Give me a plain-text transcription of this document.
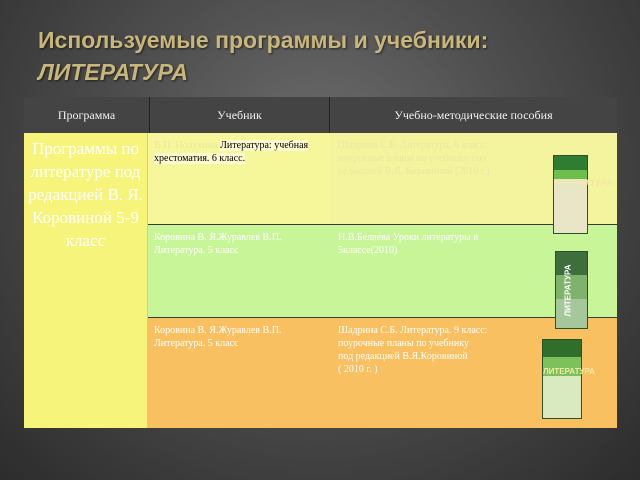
Используемые программы и учебники:
ЛИТЕРАТУРА
Программа	Учебник	Учебно-методические пособия
Программы по литературе под редакцией В. Я. Коровиной 5-9 класс
В.П. Полухина Литература: учебная хрестоматия. 6 класс.
Шадрина С.Б. Литература. 6 класс: поурочные планы по учебнику под редакцией В.Я. Коровиной (2010 г.)
Коровина В. Я.Журавлев В.П. Литература. 5 класс
Н.В.Беляева Уроки литературы в 5классе(2010)
Коровина В. Я.Журавлев В.П. Литература. 5 класс
Шадрина С.Б. Литература. 9 класс:
поурочные планы по учебнику
под редакцией В.Я.Коровиной
( 2010 г. )
ЛИТЕРАТУРА
ЛИТЕРАТУРА
ЛИТЕРАТУРА
